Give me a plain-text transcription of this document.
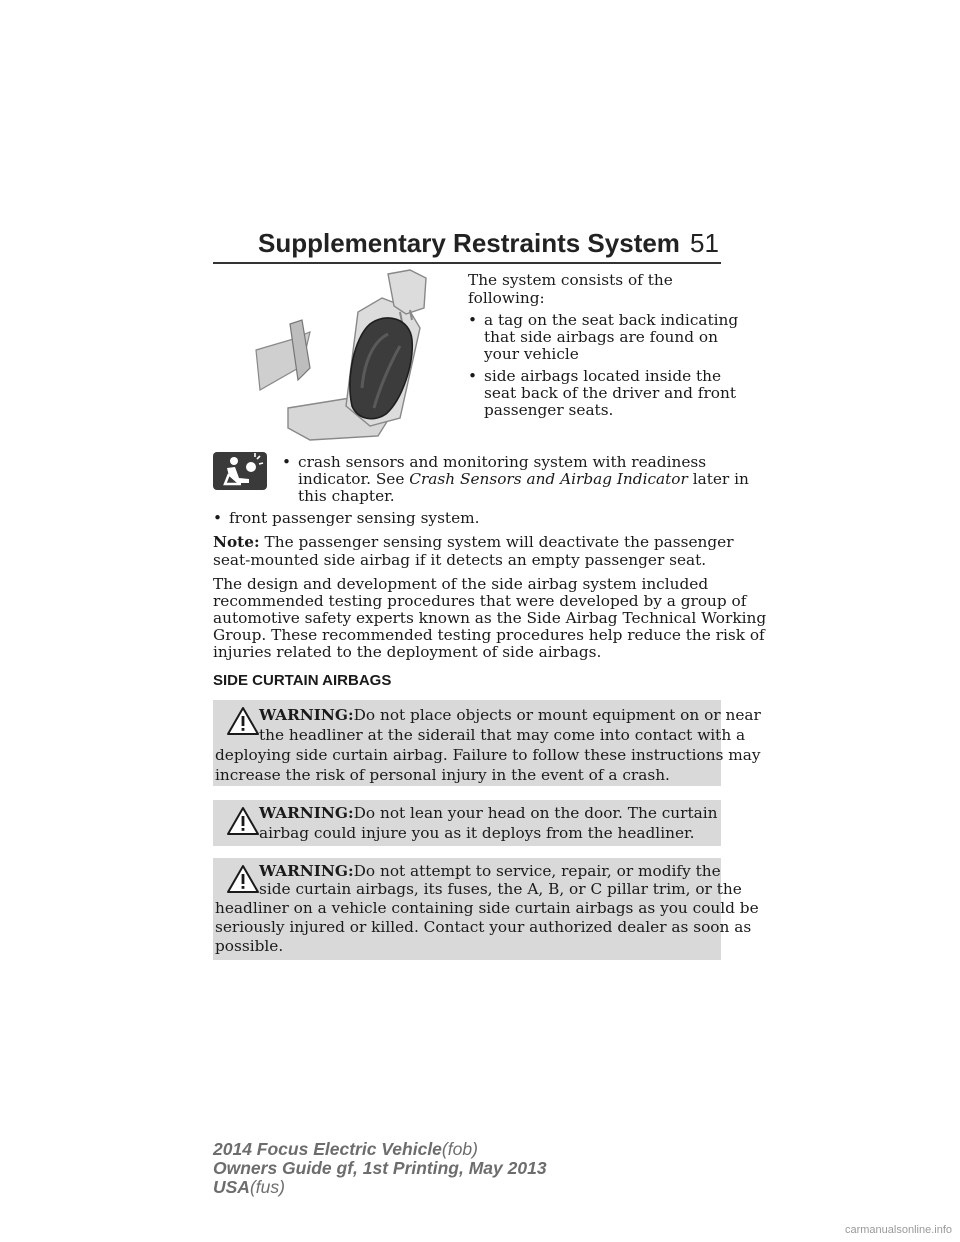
Supplementary Restraints System 51
The system consists of the
following:
• a tag on the seat back indicating
that side airbags are found on
your vehicle
• side airbags located inside the
seat back of the driver and front
passenger seats.
• crash sensors and monitoring system with readiness
indicator. See Crash Sensors and Airbag Indicator later in
this chapter.
• front passenger sensing system.
Note: The passenger sensing system will deactivate the passenger
seat-mounted side airbag if it detects an empty passenger seat.
The design and development of the side airbag system included
recommended testing procedures that were developed by a group of
automotive safety experts known as the Side Airbag Technical Working
Group. These recommended testing procedures help reduce the risk of
injuries related to the deployment of side airbags.
SIDE CURTAIN AIRBAGS
WARNING:Do not place objects or mount equipment on or near
the headliner at the siderail that may come into contact with a
deploying side curtain airbag. Failure to follow these instructions may
increase the risk of personal injury in the event of a crash.
WARNING:Do not lean your head on the door. The curtain
airbag could injure you as it deploys from the headliner.
WARNING:Do not attempt to service, repair, or modify the
side curtain airbags, its fuses, the A, B, or C pillar trim, or the
headliner on a vehicle containing side curtain airbags as you could be
seriously injured or killed. Contact your authorized dealer as soon as
possible.
2014 Focus Electric Vehicle(fob)
Owners Guide gf, 1st Printing, May 2013
USA(fus)
carmanualsonline.info
